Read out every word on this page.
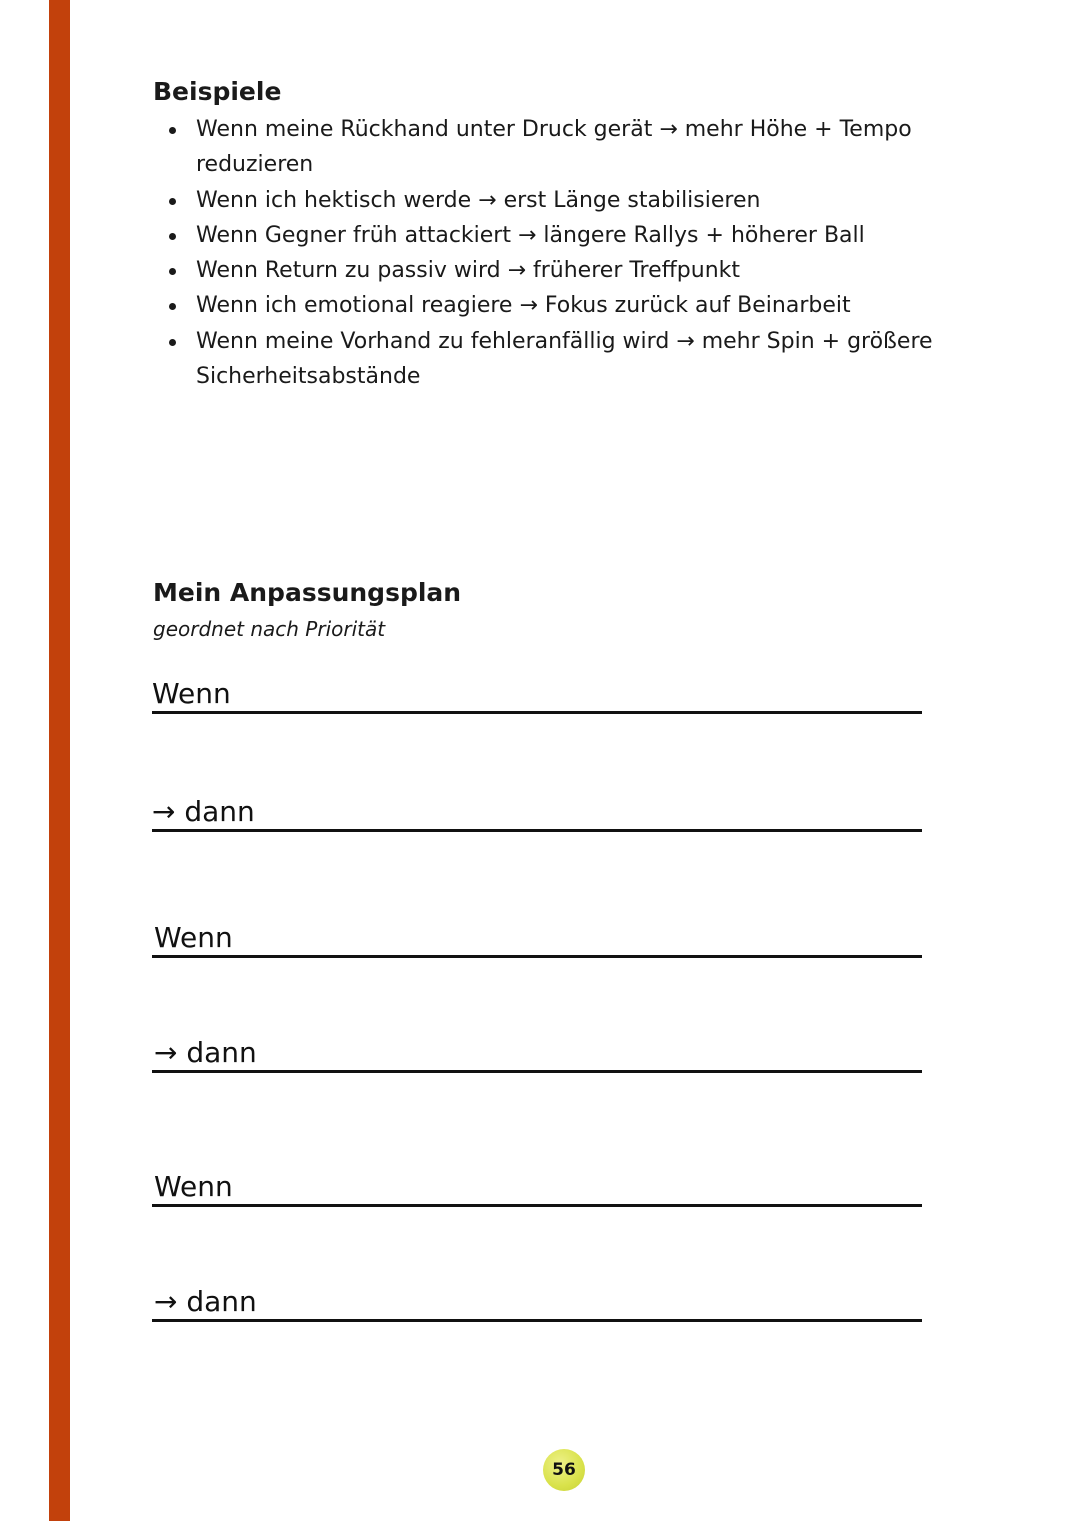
Beispiele
Wenn meine Rückhand unter Druck gerät → mehr Höhe + Tempo reduzieren
Wenn ich hektisch werde → erst Länge stabilisieren
Wenn Gegner früh attackiert → längere Rallys + höherer Ball
Wenn Return zu passiv wird → früherer Treffpunkt
Wenn ich emotional reagiere → Fokus zurück auf Beinarbeit
Wenn meine Vorhand zu fehleranfällig wird → mehr Spin + größere Sicherheitsabstände
Mein Anpassungsplan
geordnet nach Priorität
Wenn
→ dann
Wenn
→ dann
Wenn
→ dann
56
